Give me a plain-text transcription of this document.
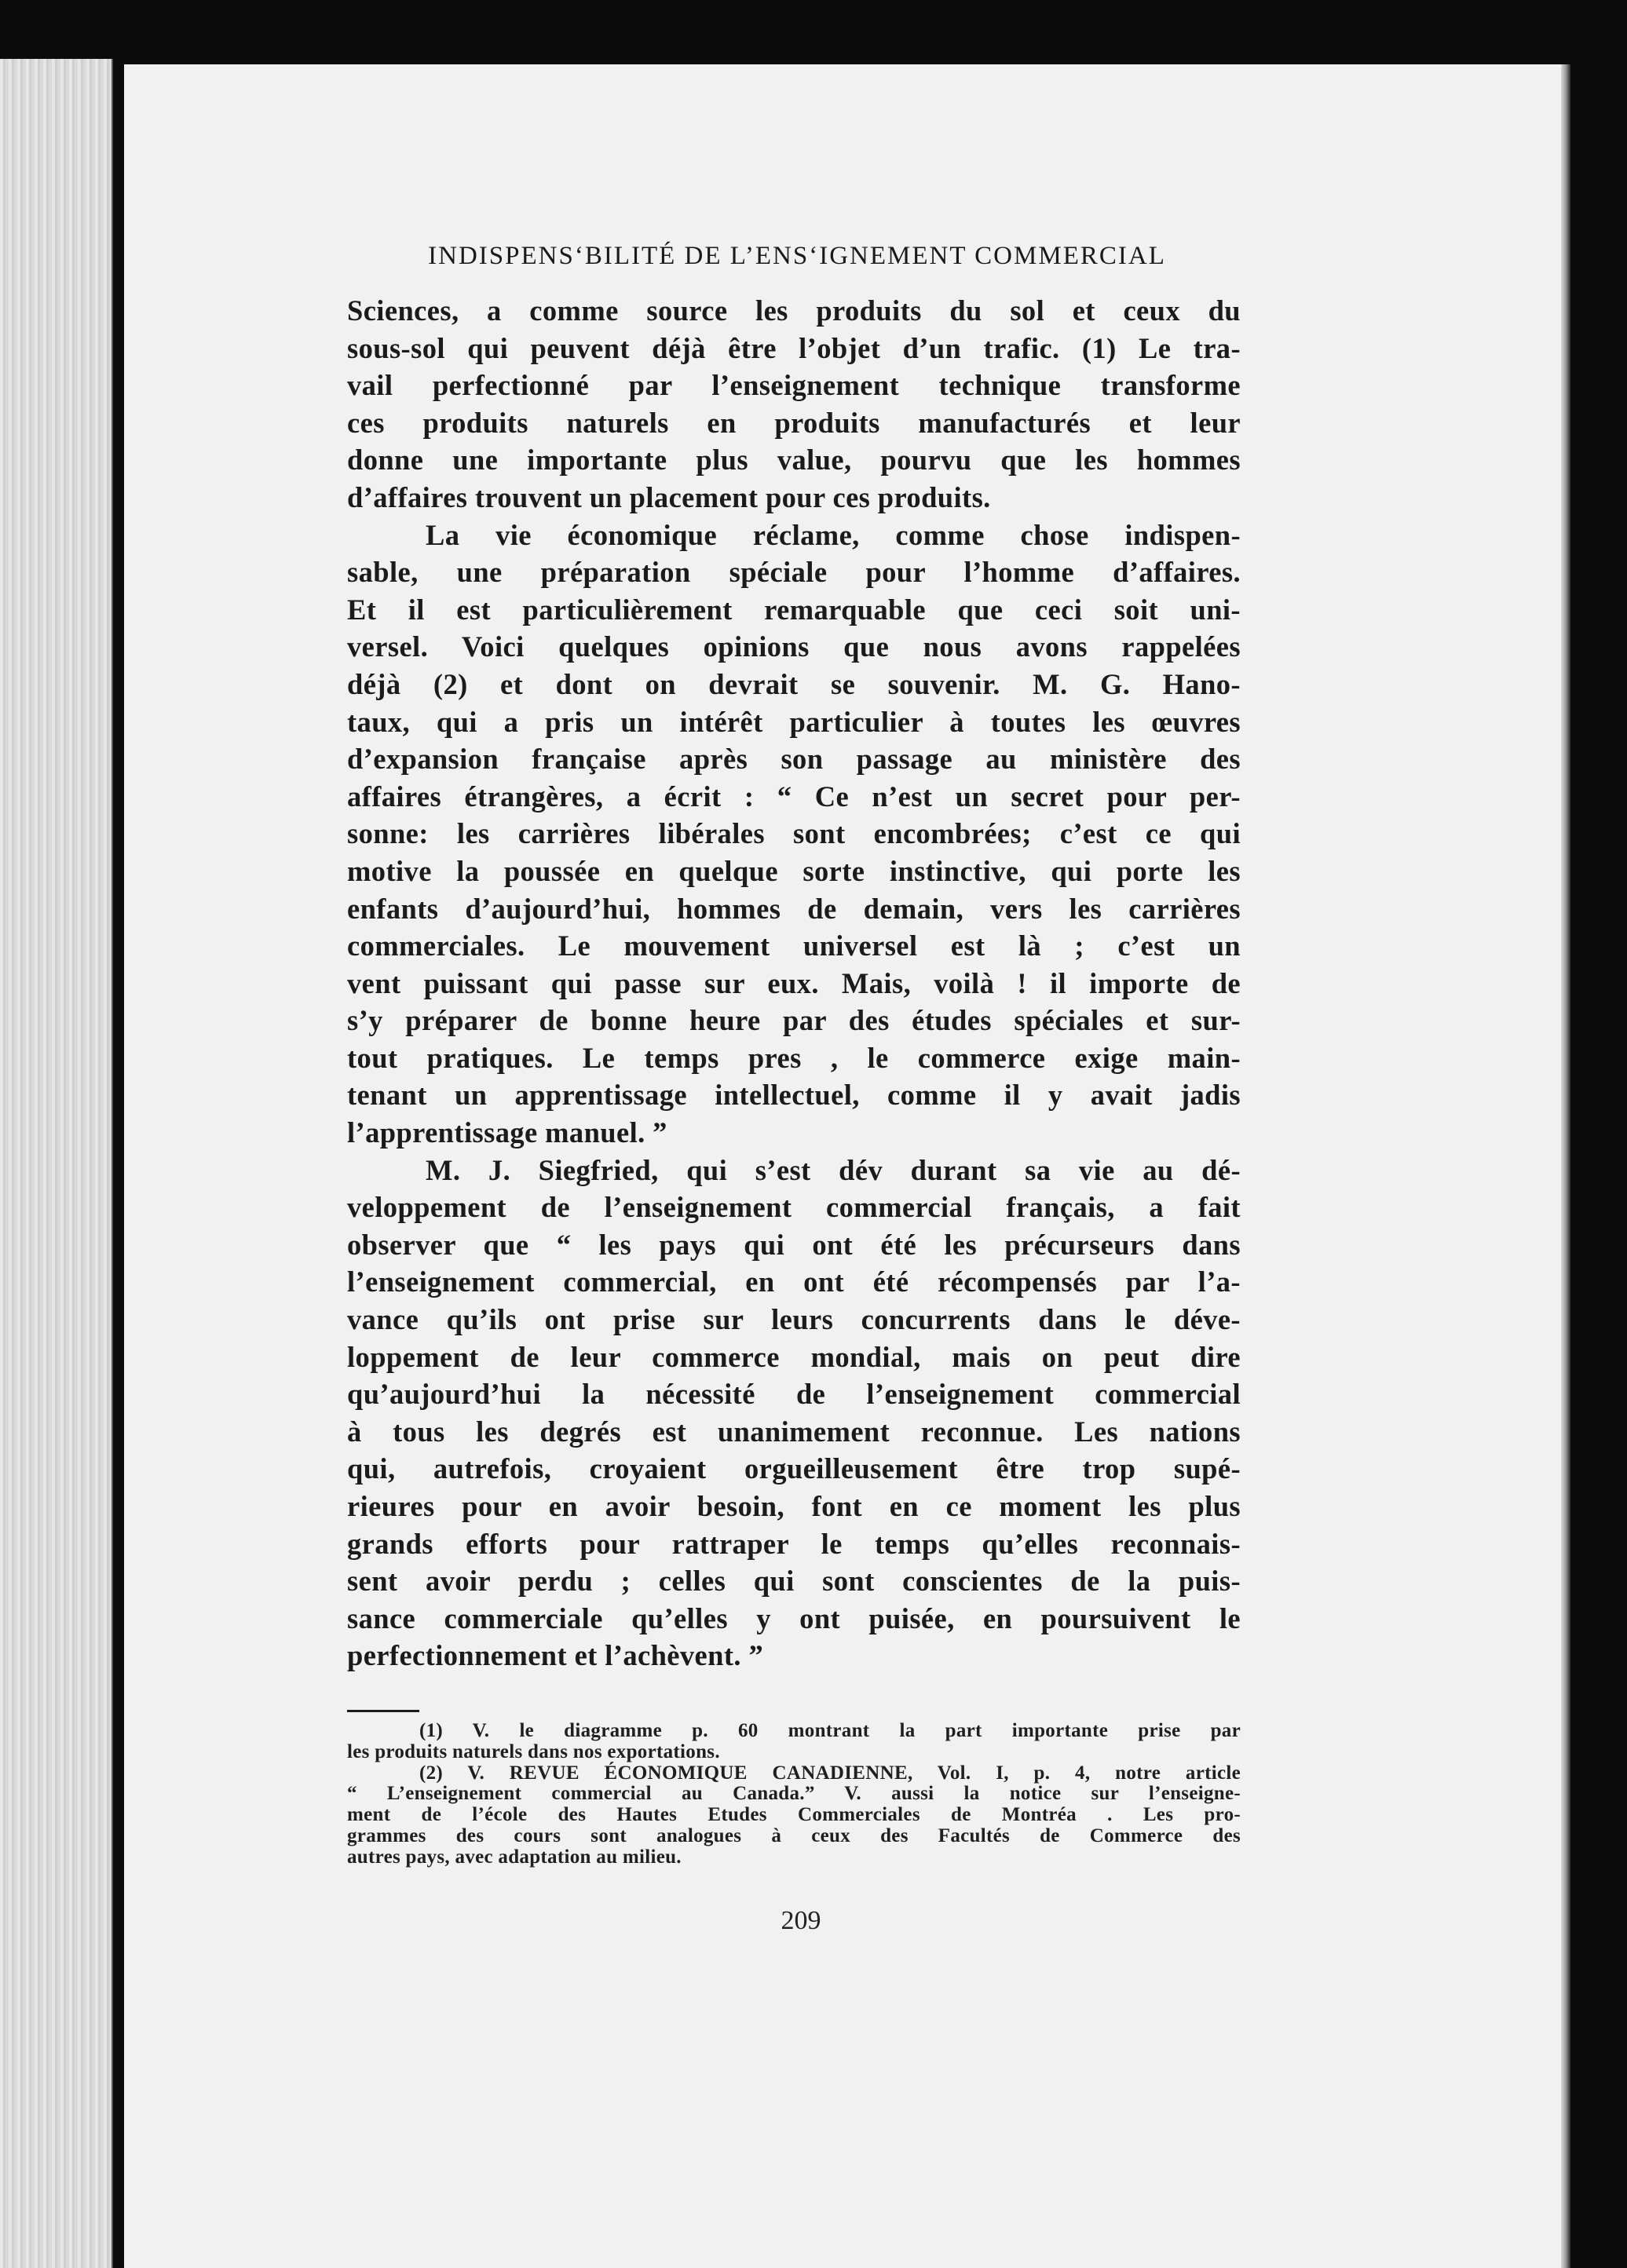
INDISPENS‘BILITÉ DE L’ENS‘IGNEMENT COMMERCIAL
Sciences, a comme source les produits du sol et ceux du
sous-sol qui peuvent déjà être l’objet d’un trafic. (1) Le tra-
vail perfectionné par l’enseignement technique transforme
ces produits naturels en produits manufacturés et leur
donne une importante plus value, pourvu que les hommes
d’affaires trouvent un placement pour ces produits.
La vie économique réclame, comme chose indispen-
sable, une préparation spéciale pour l’homme d’affaires.
Et il est particulièrement remarquable que ceci soit uni-
versel. Voici quelques opinions que nous avons rappelées
déjà (2) et dont on devrait se souvenir. M. G. Hano-
taux, qui a pris un intérêt particulier à toutes les œuvres
d’expansion française après son passage au ministère des
affaires étrangères, a écrit : “ Ce n’est un secret pour per-
sonne: les carrières libérales sont encombrées; c’est ce qui
motive la poussée en quelque sorte instinctive, qui porte les
enfants d’aujourd’hui, hommes de demain, vers les carrières
commerciales. Le mouvement universel est là ; c’est un
vent puissant qui passe sur eux. Mais, voilà ! il importe de
s’y préparer de bonne heure par des études spéciales et sur-
tout pratiques. Le temps pres , le commerce exige main-
tenant un apprentissage intellectuel, comme il y avait jadis
l’apprentissage manuel. ”
M. J. Siegfried, qui s’est dév durant sa vie au dé-
veloppement de l’enseignement commercial français, a fait
observer que “ les pays qui ont été les précurseurs dans
l’enseignement commercial, en ont été récompensés par l’a-
vance qu’ils ont prise sur leurs concurrents dans le déve-
loppement de leur commerce mondial, mais on peut dire
qu’aujourd’hui la nécessité de l’enseignement commercial
à tous les degrés est unanimement reconnue. Les nations
qui, autrefois, croyaient orgueilleusement être trop supé-
rieures pour en avoir besoin, font en ce moment les plus
grands efforts pour rattraper le temps qu’elles reconnais-
sent avoir perdu ; celles qui sont conscientes de la puis-
sance commerciale qu’elles y ont puisée, en poursuivent le
perfectionnement et l’achèvent. ”
(1) V. le diagramme p. 60 montrant la part importante prise par
les produits naturels dans nos exportations.
(2) V. REVUE ÉCONOMIQUE CANADIENNE, Vol. I, p. 4, notre article
“ L’enseignement commercial au Canada.” V. aussi la notice sur l’enseigne-
ment de l’école des Hautes Etudes Commerciales de Montréa . Les pro-
grammes des cours sont analogues à ceux des Facultés de Commerce des
autres pays, avec adaptation au milieu.
209
